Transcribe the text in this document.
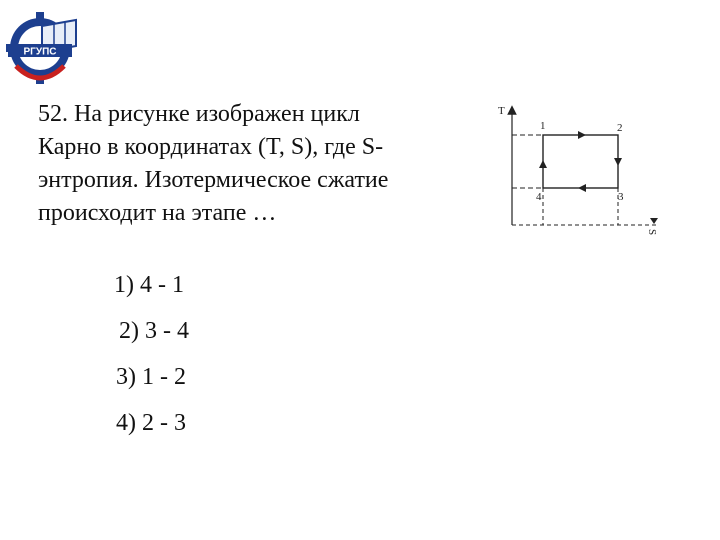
РГУПС
52. На рисунке изображен цикл
Карно в координатах (T, S), где S-
энтропия. Изотермическое сжатие
происходит на этапе …
1) 4 - 1
2) 3 - 4
3) 1 - 2
4) 2 - 3
T
S
1	2
3
4
